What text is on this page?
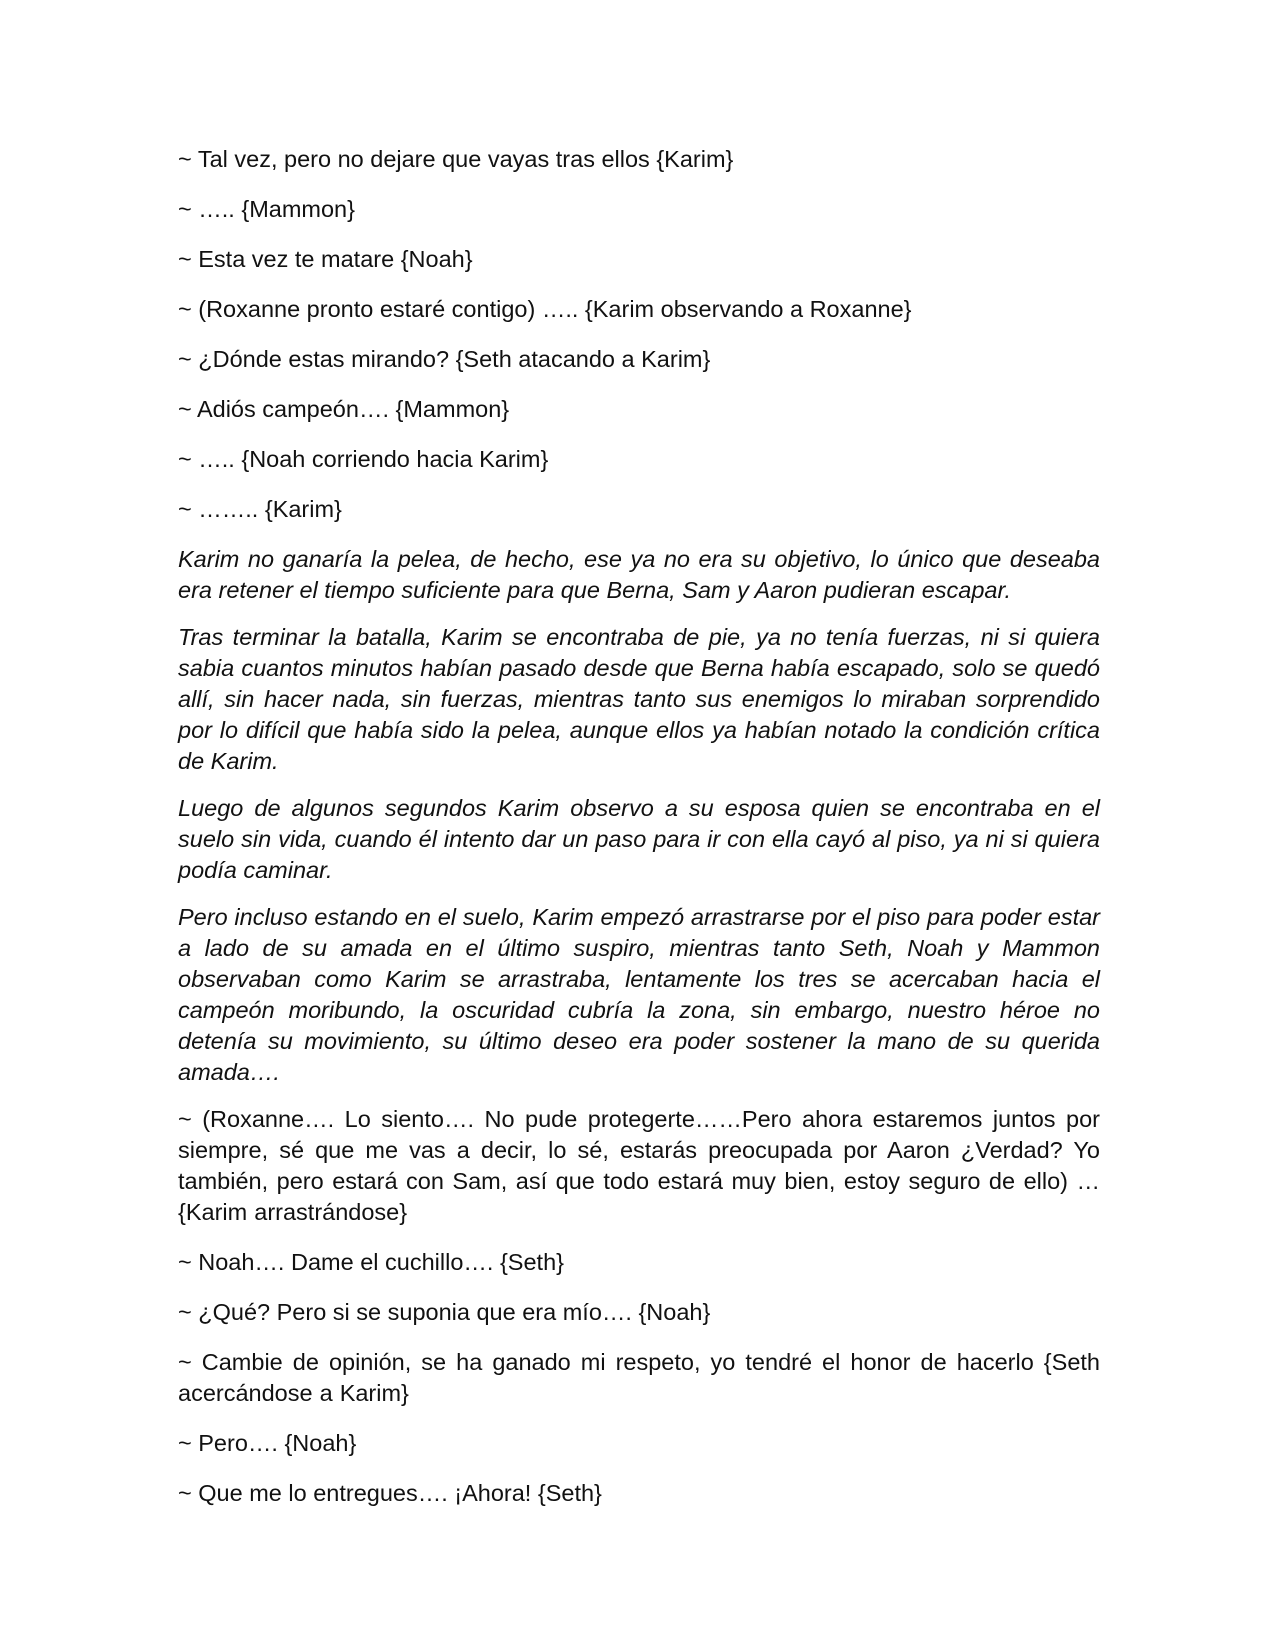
~ Tal vez, pero no dejare que vayas tras ellos {Karim}

~ ….. {Mammon}

~ Esta vez te matare {Noah}

~ (Roxanne pronto estaré contigo) ….. {Karim observando a Roxanne}

~ ¿Dónde estas mirando? {Seth atacando a Karim}

~ Adiós campeón…. {Mammon}

~ ….. {Noah corriendo hacia Karim}

~ …….. {Karim}

Karim no ganaría la pelea, de hecho, ese ya no era su objetivo, lo único que deseaba era retener el tiempo suficiente para que Berna, Sam y Aaron pudieran escapar.

Tras terminar la batalla, Karim se encontraba de pie, ya no tenía fuerzas, ni si quiera sabia cuantos minutos habían pasado desde que Berna había escapado, solo se quedó allí, sin hacer nada, sin fuerzas, mientras tanto sus enemigos lo miraban sorprendido por lo difícil que había sido la pelea, aunque ellos ya habían notado la condición crítica de Karim.

Luego de algunos segundos Karim observo a su esposa quien se encontraba en el suelo sin vida, cuando él intento dar un paso para ir con ella cayó al piso, ya ni si quiera podía caminar.

Pero incluso estando en el suelo, Karim empezó arrastrarse por el piso para poder estar a lado de su amada en el último suspiro, mientras tanto Seth, Noah y Mammon observaban como Karim se arrastraba, lentamente los tres se acercaban hacia el campeón moribundo, la oscuridad cubría la zona, sin embargo, nuestro héroe no detenía su movimiento, su último deseo era poder sostener la mano de su querida amada….

~ (Roxanne…. Lo siento…. No pude protegerte……Pero ahora estaremos juntos por siempre, sé que me vas a decir, lo sé, estarás preocupada por Aaron ¿Verdad? Yo también, pero estará con Sam, así que todo estará muy bien, estoy seguro de ello) … {Karim arrastrándose}

~ Noah…. Dame el cuchillo…. {Seth}

~ ¿Qué? Pero si se suponia que era mío…. {Noah}

~ Cambie de opinión, se ha ganado mi respeto, yo tendré el honor de hacerlo {Seth acercándose a Karim}

~ Pero…. {Noah}

~ Que me lo entregues…. ¡Ahora! {Seth}
